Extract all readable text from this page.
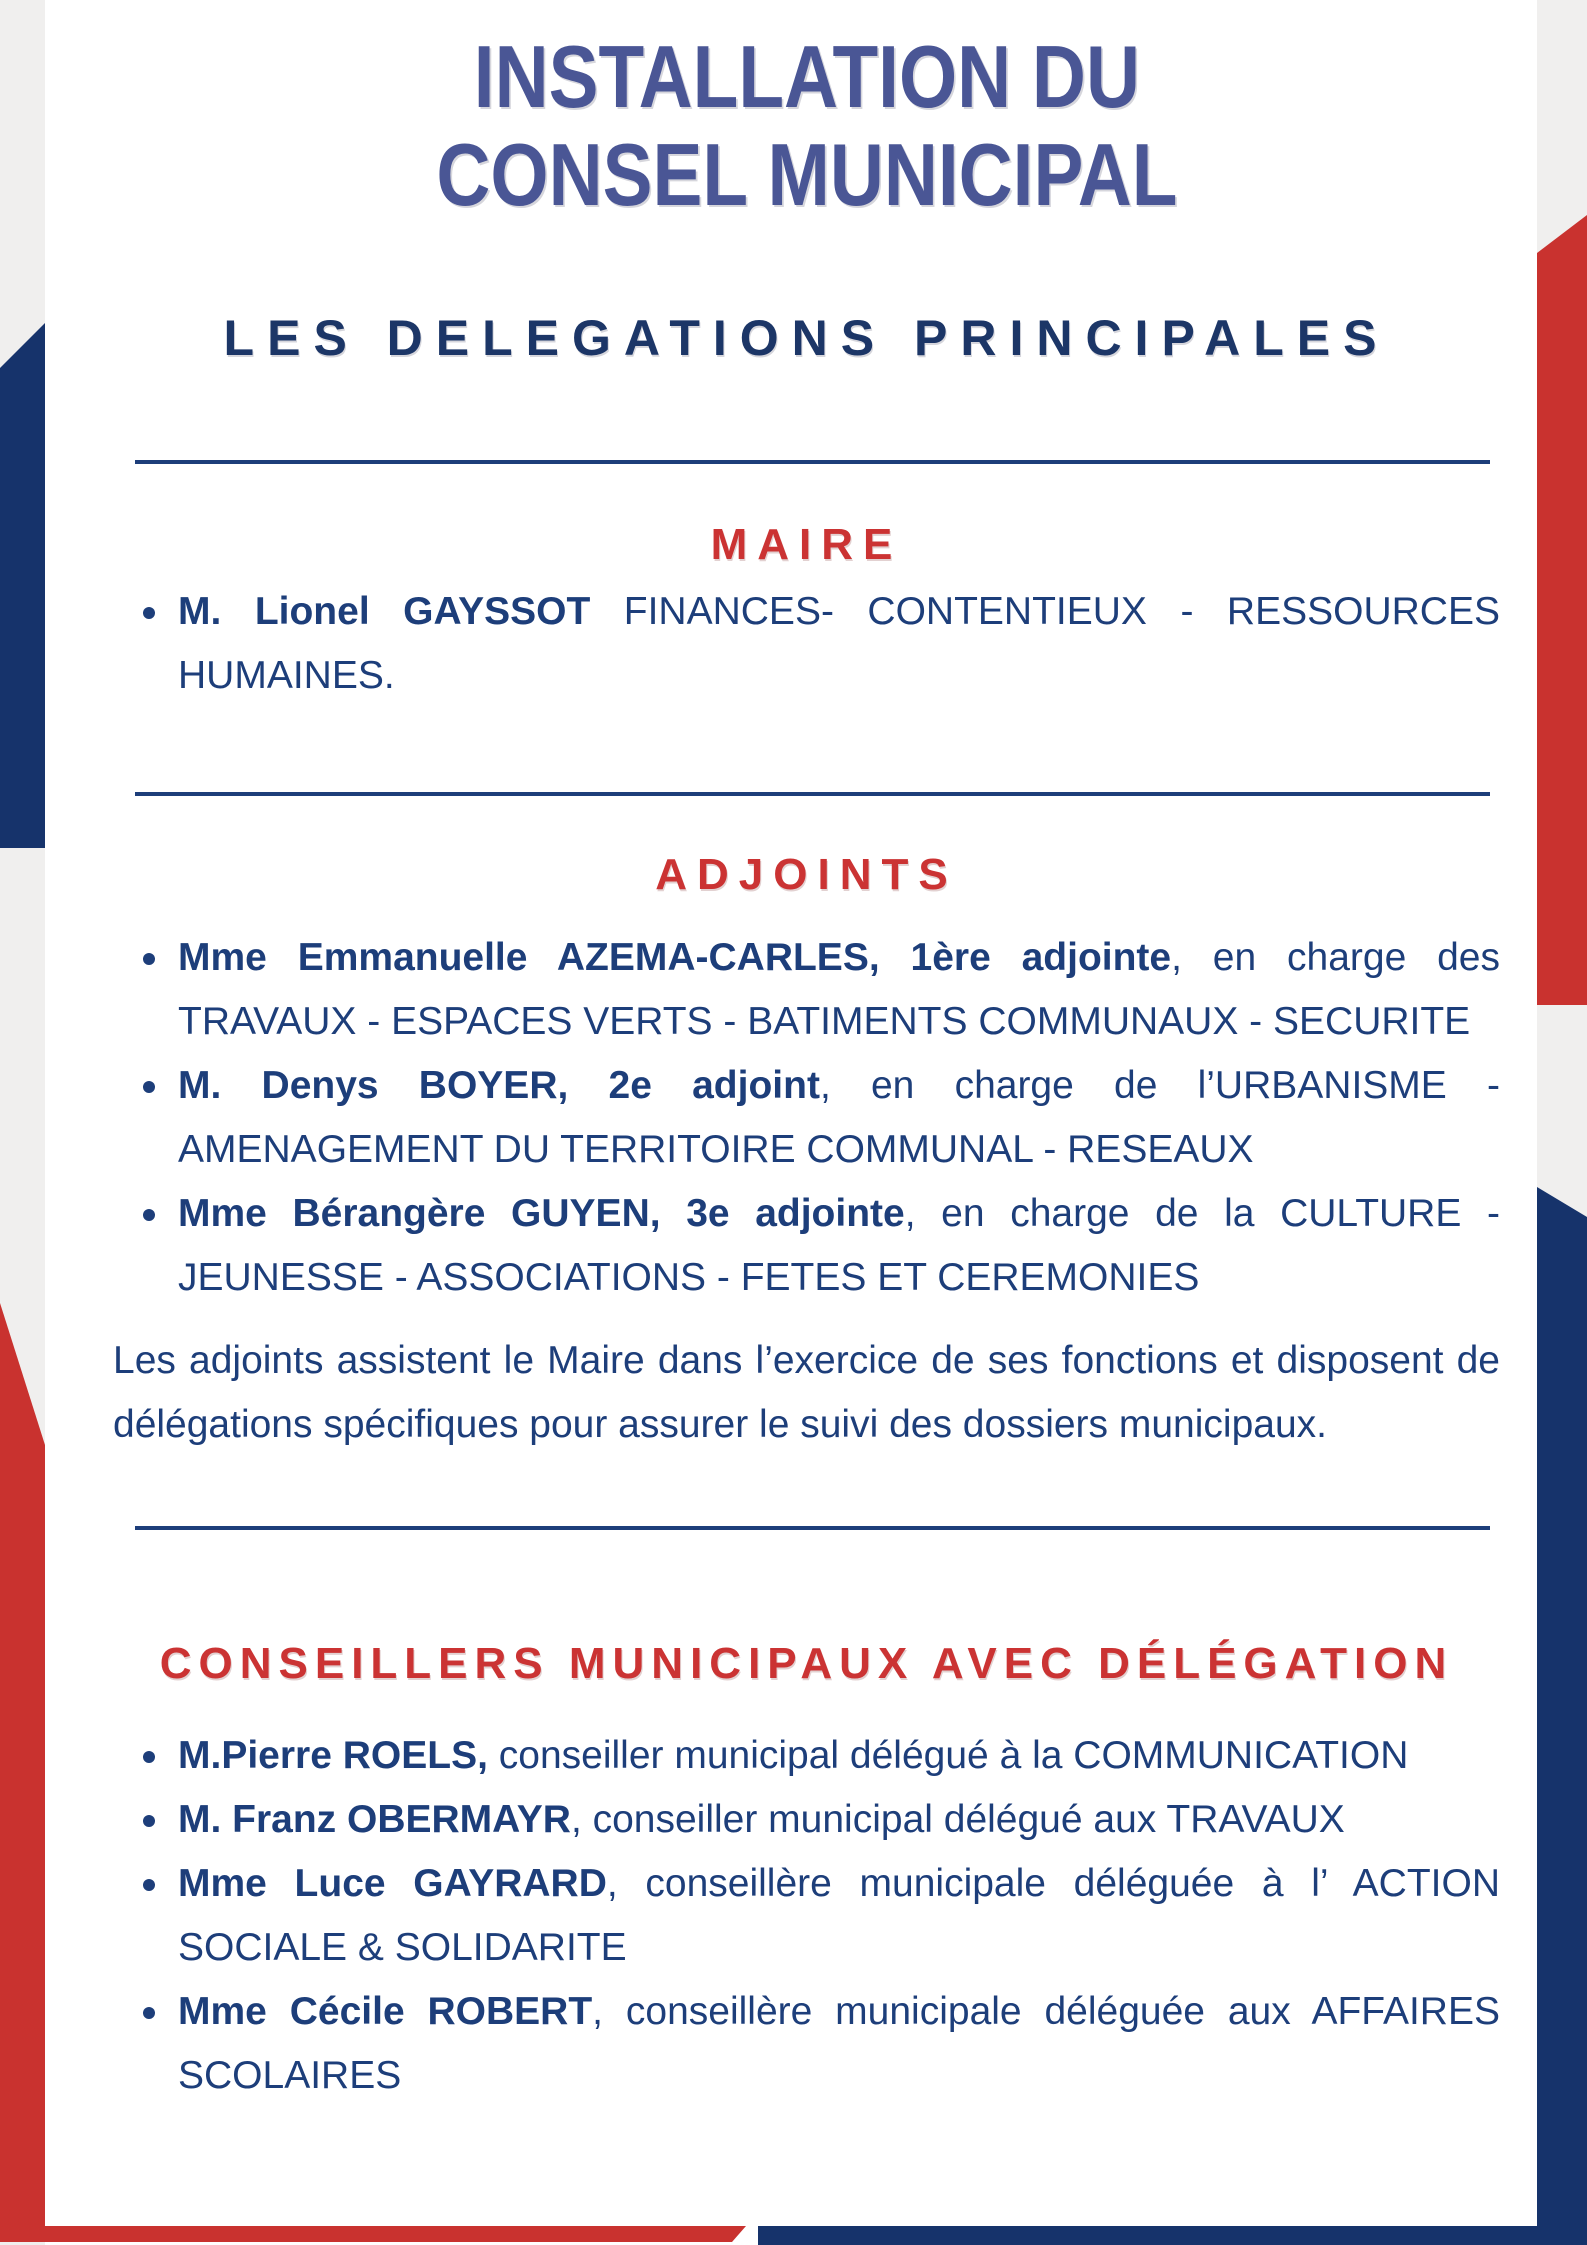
INSTALLATION DU
CONSEL MUNICIPAL
LES DELEGATIONS PRINCIPALES
MAIRE
M. Lionel GAYSSOT FINANCES- CONTENTIEUX - RESSOURCES HUMAINES.
ADJOINTS
Mme Emmanuelle AZEMA-CARLES, 1ère adjointe, en charge des TRAVAUX - ESPACES VERTS - BATIMENTS COMMUNAUX - SECURITE
M. Denys BOYER, 2e adjoint, en charge de l’URBANISME - AMENAGEMENT DU TERRITOIRE COMMUNAL - RESEAUX
Mme Bérangère GUYEN, 3e adjointe, en charge de la CULTURE - JEUNESSE - ASSOCIATIONS - FETES ET CEREMONIES

Les adjoints assistent le Maire dans l’exercice de ses fonctions et disposent de délégations spécifiques pour assurer le suivi des dossiers municipaux.

CONSEILLERS MUNICIPAUX AVEC DÉLÉGATION
M.Pierre ROELS, conseiller municipal délégué à la COMMUNICATION
M. Franz OBERMAYR, conseiller municipal délégué aux TRAVAUX
Mme Luce GAYRARD, conseillère municipale déléguée à l’ ACTION SOCIALE & SOLIDARITE
Mme Cécile ROBERT, conseillère municipale déléguée aux AFFAIRES SCOLAIRES
